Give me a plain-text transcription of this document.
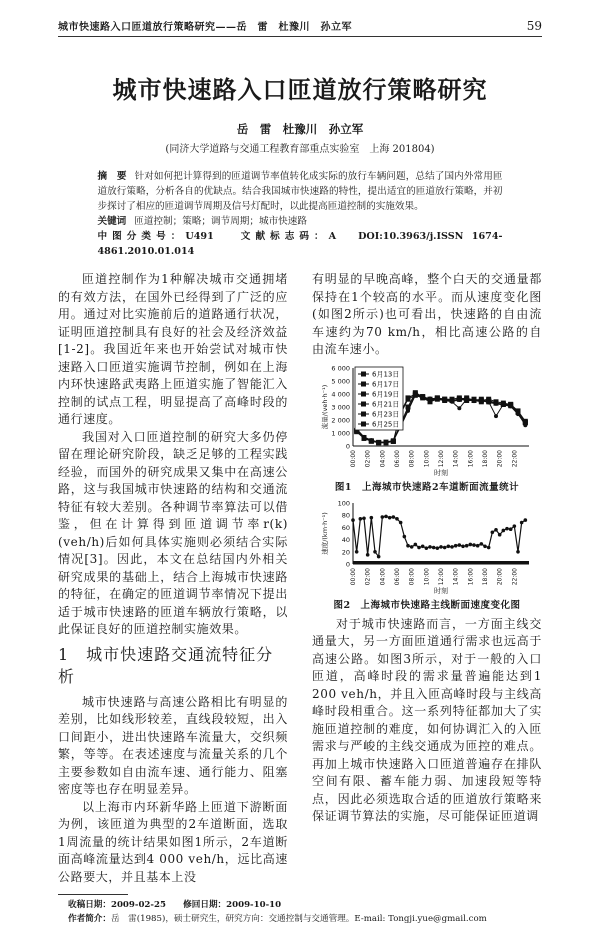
城市快速路入口匝道放行策略研究——岳　雷　杜豫川　孙立军	59
城市快速路入口匝道放行策略研究
岳　雷　杜豫川　孙立军
(同济大学道路与交通工程教育部重点实验室　上海 201804)
摘　要 针对如何把计算得到的匝道调节率值转化成实际的放行车辆问题，总结了国内外常用匝道放行策略，分析各自的优缺点。结合我国城市快速路的特性，提出适宜的匝道放行策略，并初步探讨了相应的匝道调节周期及信号灯配时，以此提高匝道控制的实施效果。
关键词 匝道控制；策略；调节周期；城市快速路
中图分类号：U491 文献标志码：A DOI:10.3963/j.ISSN 1674-4861.2010.01.014

匝道控制作为1种解决城市交通拥堵的有效方法，在国外已经得到了广泛的应用。通过对比实施前后的道路通行状况，证明匝道控制具有良好的社会及经济效益[1-2]。我国近年来也开始尝试对城市快速路入口匝道实施调节控制，例如在上海内环快速路武夷路上匝道实施了智能汇入控制的试点工程，明显提高了高峰时段的通行速度。

我国对入口匝道控制的研究大多仍停留在理论研究阶段，缺乏足够的工程实践经验，而国外的研究成果又集中在高速公路，这与我国城市快速路的结构和交通流特征有较大差别。各种调节率算法可以借鉴，但在计算得到匝道调节率r(k)(veh/h)后如何具体实施则必须结合实际情况[3]。因此，本文在总结国内外相关研究成果的基础上，结合上海城市快速路的特征，在确定的匝道调节率情况下提出适于城市快速路的匝道车辆放行策略，以此保证良好的匝道控制实施效果。

1　城市快速路交通流特征分析

城市快速路与高速公路相比有明显的差别，比如线形较差，直线段较短，出入口间距小，进出快速路车流量大，交织频繁，等等。在表述速度与流量关系的几个主要参数如自由流车速、通行能力、阻塞密度等也存在明显差异。

以上海市内环新华路上匝道下游断面为例，该匝道为典型的2车道断面，选取1周流量的统计结果如图1所示，2车道断面高峰流量达到4 000 veh/h，远比高速公路要大，并且基本上没

收稿日期：2009-02-25　　 修回日期：2009-10-10
作者简介：岳　雷(1985)，硕士研究生，研究方向：交通控制与交通管理。E-mail: Tongji.yue@gmail.com

有明显的早晚高峰，整个白天的交通量都保持在1个较高的水平。而从速度变化图(如图2所示)也可看出，快速路的自由流车速约为70 km/h，相比高速公路的自由流车速小。

0
1 000
2 000
3 000
4 000
5 000
6 000
00:00 02:00 04:00 06:00 08:00 10:00 12:00 14:00 16:00 18:00 20:00 22:00
时刻
流量/(veh·h⁻¹)
6月13日
6月17日
6月19日
6月21日
6月23日
6月25日
图1　上海城市快速路2车道断面流量统计
0
20
40
60
80
100
00:00 02:00 04:00 06:00 08:00 10:00 12:00 14:00 16:00 18:00 20:00 22:00
时刻
速度/(km·h⁻¹)
图2　上海城市快速路主线断面速度变化图

对于城市快速路而言，一方面主线交通量大，另一方面匝道通行需求也远高于高速公路。如图3所示，对于一般的入口匝道，高峰时段的需求量普遍能达到1 200 veh/h，并且入匝高峰时段与主线高峰时段相重合。这一系列特征都加大了实施匝道控制的难度，如何协调汇入的入匝需求与严峻的主线交通成为匝控的难点。再加上城市快速路入口匝道普遍存在排队空间有限、蓄车能力弱、加速段短等特点，因此必须选取合适的匝道放行策略来保证调节算法的实施，尽可能保证匝道调
